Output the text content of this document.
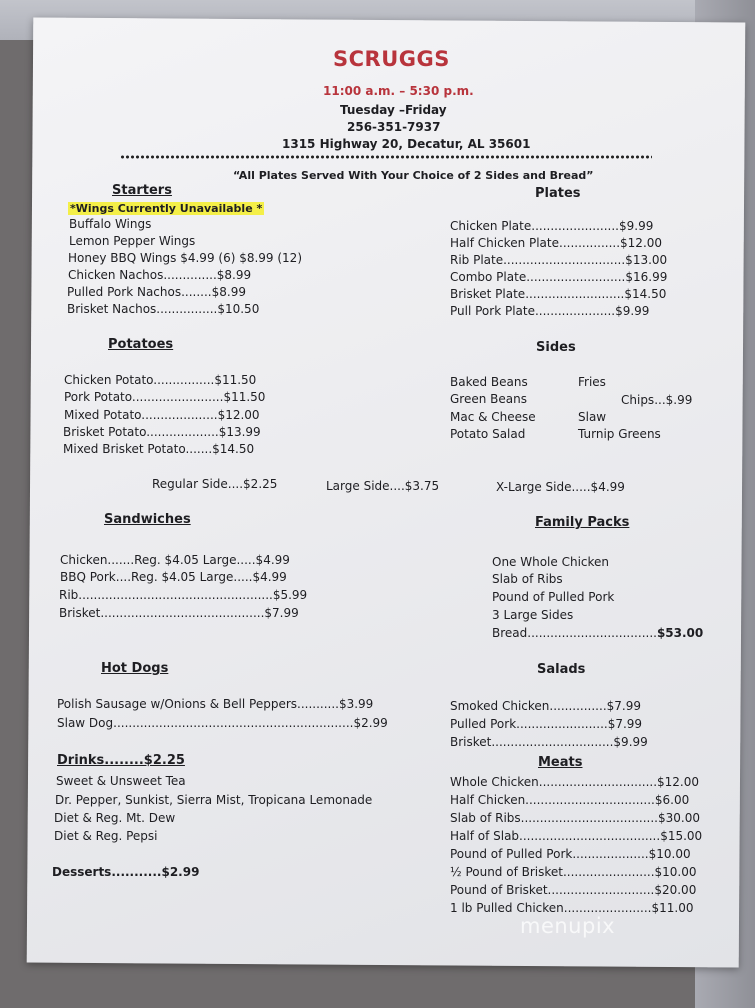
SCRUGGS
11:00 a.m. – 5:30 p.m.
Tuesday –Friday
256-351-7937
1315 Highway 20, Decatur, AL 35601
“All Plates Served With Your Choice of 2 Sides and Bread”
Starters
*Wings Currently Unavailable *
Buffalo Wings
Lemon Pepper Wings
Honey BBQ Wings $4.99 (6) $8.99 (12)
Chicken Nachos..............$8.99
Pulled Pork Nachos........$8.99
Brisket Nachos................$10.50
Plates
Chicken Plate.......................$9.99
Half Chicken Plate................$12.00
Rib Plate................................$13.00
Combo Plate..........................$16.99
Brisket Plate..........................$14.50
Pull Pork Plate.....................$9.99
Potatoes
Chicken Potato................$11.50
Pork Potato........................$11.50
Mixed Potato....................$12.00
Brisket Potato...................$13.99
Mixed Brisket Potato.......$14.50
Sides
Baked Beans
Green Beans
Mac & Cheese
Potato Salad
Fries
Chips...$.99
Slaw
Turnip Greens
Regular Side....$2.25	Large Side....$3.75	X-Large Side.....$4.99
Sandwiches
Chicken.......Reg. $4.05 Large.....$4.99
BBQ Pork....Reg. $4.05 Large.....$4.99
Rib...................................................$5.99
Brisket...........................................$7.99
Family Packs
One Whole Chicken
Slab of Ribs
Pound of Pulled Pork
3 Large Sides
Bread..................................$53.00
Hot Dogs
Polish Sausage w/Onions & Bell Peppers...........$3.99
Slaw Dog...............................................................$2.99
Salads
Smoked Chicken...............$7.99
Pulled Pork........................$7.99
Brisket................................$9.99
Drinks........$2.25
Sweet & Unsweet Tea
Dr. Pepper, Sunkist, Sierra Mist, Tropicana Lemonade
Diet & Reg. Mt. Dew
Diet & Reg. Pepsi
Desserts...........$2.99
Meats
Whole Chicken...............................$12.00
Half Chicken..................................$6.00
Slab of Ribs....................................$30.00
Half of Slab.....................................$15.00
Pound of Pulled Pork....................$10.00
½ Pound of Brisket........................$10.00
Pound of Brisket............................$20.00
1 lb Pulled Chicken.......................$11.00
menupix
